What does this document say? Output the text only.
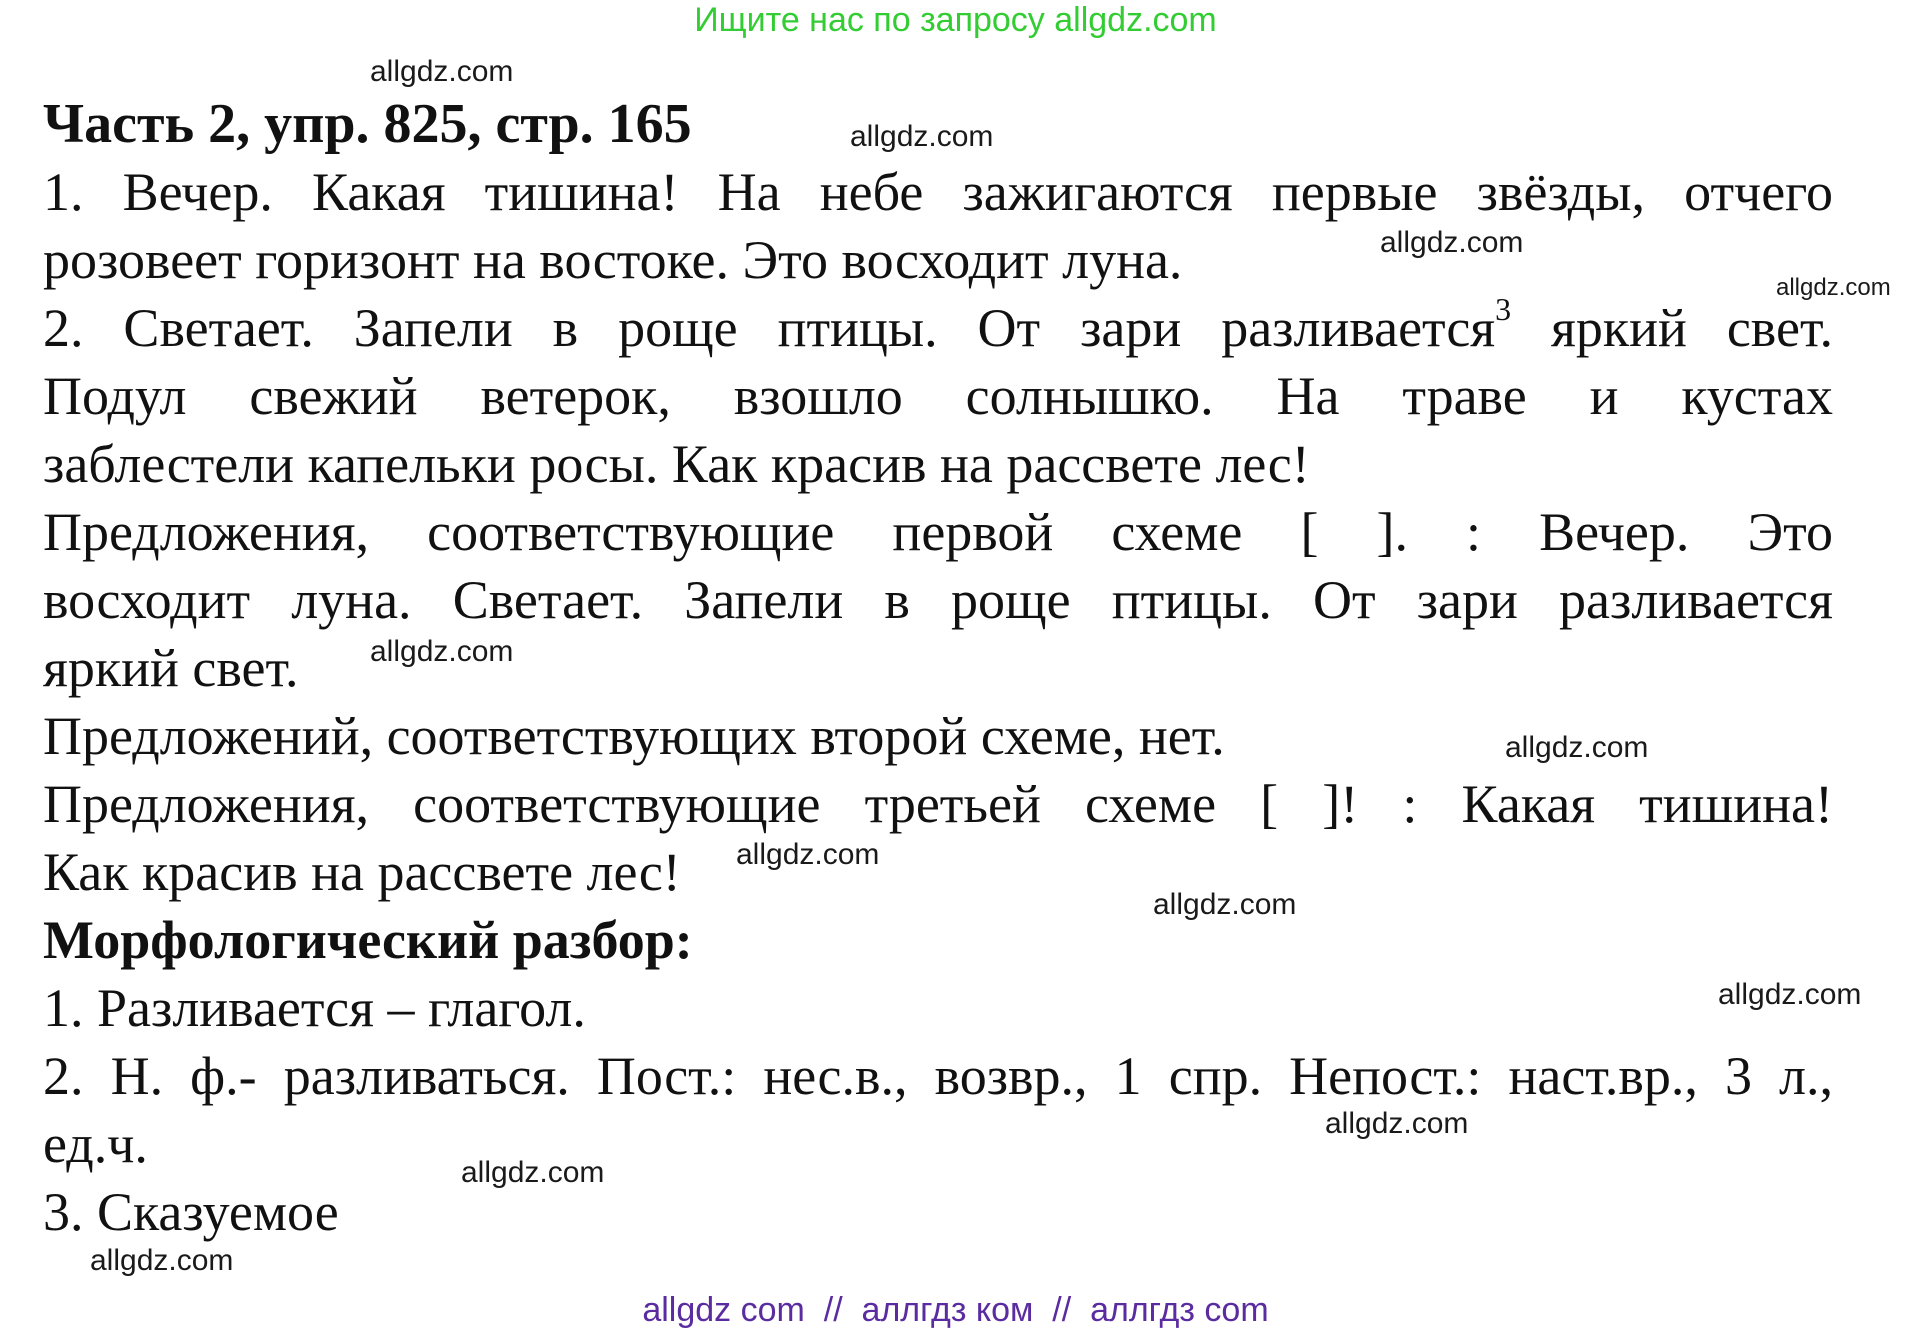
Ищите нас по запросу allgdz.com
allgdz.com
allgdz.com
allgdz.com
allgdz.com
allgdz.com
allgdz.com
allgdz.com
allgdz.com
allgdz.com
allgdz.com
allgdz.com
allgdz.com
Часть 2, упр. 825, стр. 165
1. Вечер. Какая тишина! На небе зажигаются первые звёзды, отчего
розовеет горизонт на востоке. Это восходит луна.
2. Светает. Запели в роще птицы. От зари разливается$^3$ яркий свет.
Подул свежий ветерок, взошло солнышко. На траве и кустах
заблестели капельки росы. Как красив на рассвете лес!
Предложения, соответствующие первой схеме [ ]. : Вечер. Это
восходит луна. Светает. Запели в роще птицы. От зари разливается
яркий свет.
Предложений, соответствующих второй схеме, нет.
Предложения, соответствующие третьей схеме [ ]! : Какая тишина!
Как красив на рассвете лес!
Морфологический разбор:
1. Разливается – глагол.
2. Н. ф.- разливаться. Пост.: нес.в., возвр., 1 спр. Непост.: наст.вр., 3 л.,
ед.ч.
3. Сказуемое
allgdz com  //  аллгдз ком  //  аллгдз com
